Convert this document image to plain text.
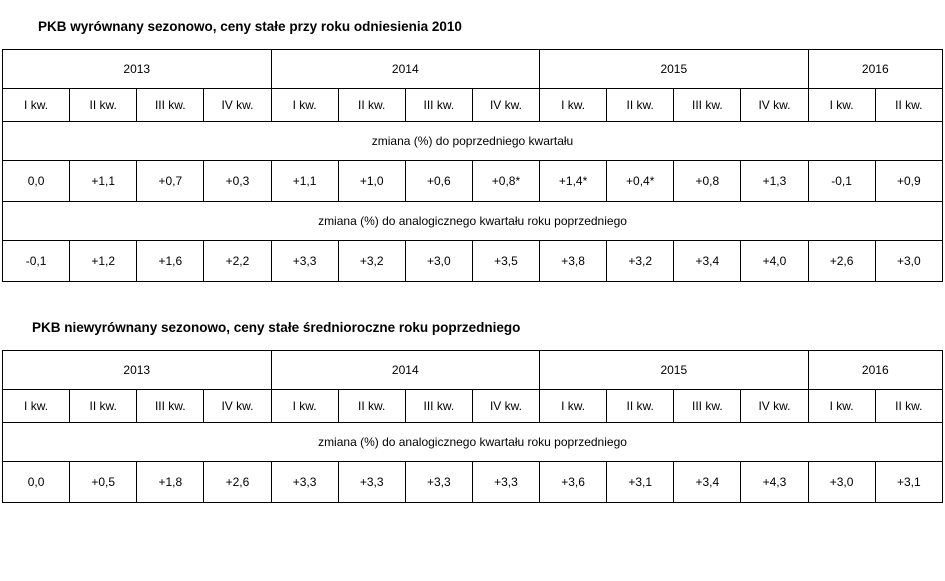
PKB wyrównany sezonowo, ceny stałe przy roku odniesienia 2010
2013				2014				2015				2016	
I kw.	II kw.	III kw.	IV kw.	I kw.	II kw.	III kw.	IV kw.	I kw.	II kw.	III kw.	IV kw.	I kw.	II kw.
zmiana (%) do poprzedniego kwartału													
0,0	+1,1	+0,7	+0,3	+1,1	+1,0	+0,6	+0,8*	+1,4*	+0,4*	+0,8	+1,3	-0,1	+0,9
zmiana (%) do analogicznego kwartału roku poprzedniego													
-0,1	+1,2	+1,6	+2,2	+3,3	+3,2	+3,0	+3,5	+3,8	+3,2	+3,4	+4,0	+2,6	+3,0
PKB niewyrównany sezonowo, ceny stałe średnioroczne roku poprzedniego
2013				2014				2015				2016	
I kw.	II kw.	III kw.	IV kw.	I kw.	II kw.	III kw.	IV kw.	I kw.	II kw.	III kw.	IV kw.	I kw.	II kw.
zmiana (%) do analogicznego kwartału roku poprzedniego													
0,0	+0,5	+1,8	+2,6	+3,3	+3,3	+3,3	+3,3	+3,6	+3,1	+3,4	+4,3	+3,0	+3,1
